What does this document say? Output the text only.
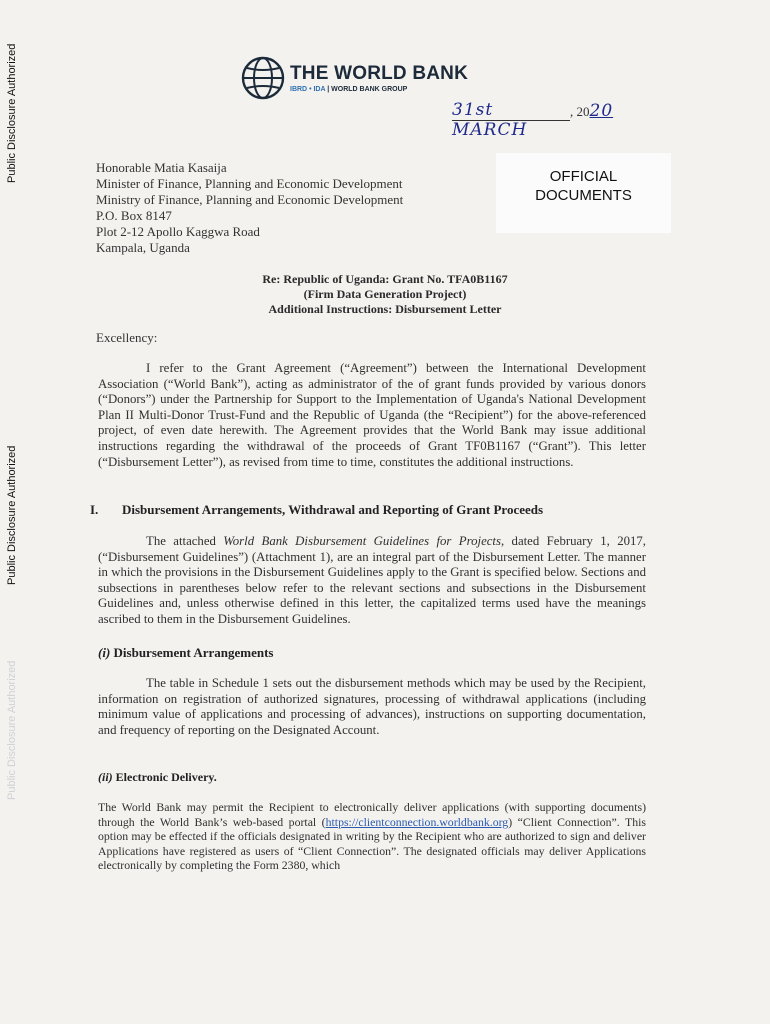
Public Disclosure Authorized
Public Disclosure Authorized
Public Disclosure Authorized
THE WORLD BANK
IBRD • IDA | WORLD BANK GROUP
31st MARCH, 2020
Honorable Matia Kasaija
Minister of Finance, Planning and Economic Development
Ministry of Finance, Planning and Economic Development
P.O. Box 8147
Plot 2-12 Apollo Kaggwa Road
Kampala, Uganda
OFFICIAL
DOCUMENTS
Re: Republic of Uganda: Grant No. TFA0B1167
(Firm Data Generation Project)
Additional Instructions: Disbursement Letter
Excellency:
I refer to the Grant Agreement (“Agreement”) between the International Development Association (“World Bank”), acting as administrator of the of grant funds provided by various donors (“Donors”) under the Partnership for Support to the Implementation of Uganda's National Development Plan II Multi-Donor Trust-Fund and the Republic of Uganda (the “Recipient”) for the above-referenced project, of even date herewith. The Agreement provides that the World Bank may issue additional instructions regarding the withdrawal of the proceeds of Grant TF0B1167 (“Grant”). This letter (“Disbursement Letter”), as revised from time to time, constitutes the additional instructions.
I. Disbursement Arrangements, Withdrawal and Reporting of Grant Proceeds
The attached World Bank Disbursement Guidelines for Projects, dated February 1, 2017, (“Disbursement Guidelines”) (Attachment 1), are an integral part of the Disbursement Letter. The manner in which the provisions in the Disbursement Guidelines apply to the Grant is specified below. Sections and subsections in parentheses below refer to the relevant sections and subsections in the Disbursement Guidelines and, unless otherwise defined in this letter, the capitalized terms used have the meanings ascribed to them in the Disbursement Guidelines.
(i) Disbursement Arrangements
The table in Schedule 1 sets out the disbursement methods which may be used by the Recipient, information on registration of authorized signatures, processing of withdrawal applications (including minimum value of applications and processing of advances), instructions on supporting documentation, and frequency of reporting on the Designated Account.
(ii) Electronic Delivery.
The World Bank may permit the Recipient to electronically deliver applications (with supporting documents) through the World Bank’s web-based portal (https://clientconnection.worldbank.org) “Client Connection”. This option may be effected if the officials designated in writing by the Recipient who are authorized to sign and deliver Applications have registered as users of “Client Connection”. The designated officials may deliver Applications electronically by completing the Form 2380, which
